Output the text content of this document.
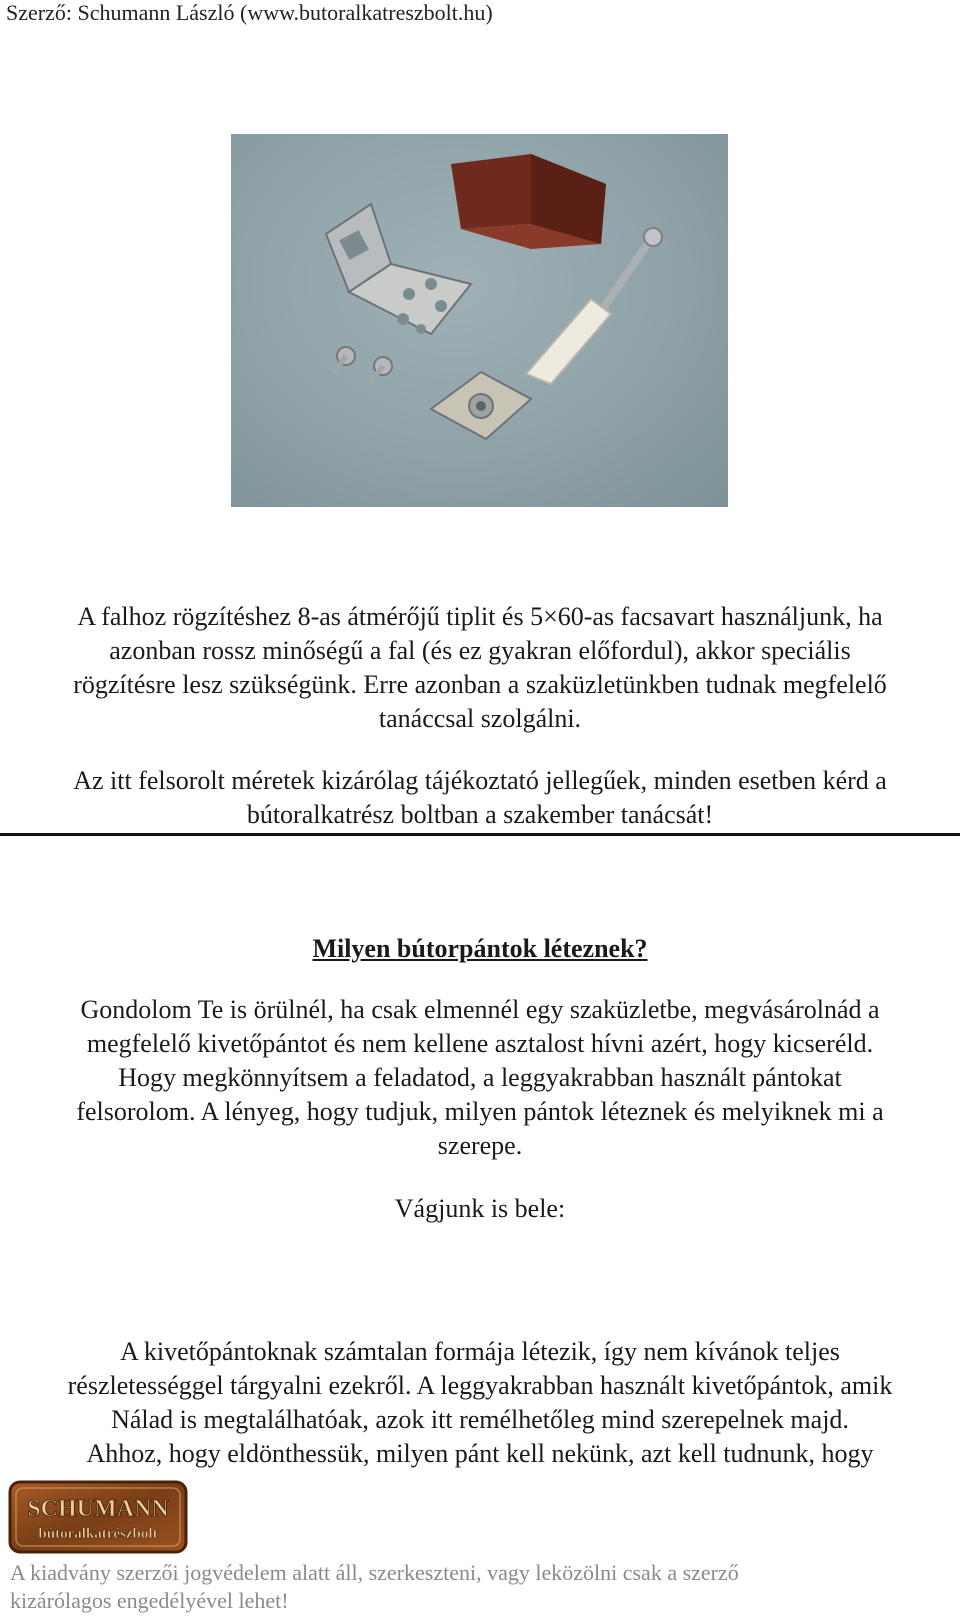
Szerző: Schumann László (www.butoralkatreszbolt.hu)
A falhoz rögzítéshez 8-as átmérőjű tiplit és 5×60-as facsavart használjunk, ha
azonban rossz minőségű a fal (és ez gyakran előfordul), akkor speciális
rögzítésre lesz szükségünk. Erre azonban a szaküzletünkben tudnak megfelelő
tanáccsal szolgálni.
Az itt felsorolt méretek kizárólag tájékoztató jellegűek, minden esetben kérd a
bútoralkatrész boltban a szakember tanácsát!
Milyen bútorpántok léteznek?
Gondolom Te is örülnél, ha csak elmennél egy szaküzletbe, megvásárolnád a
megfelelő kivetőpántot és nem kellene asztalost hívni azért, hogy kicseréld.
Hogy megkönnyítsem a feladatod, a leggyakrabban használt pántokat
felsorolom. A lényeg, hogy tudjuk, milyen pántok léteznek és melyiknek mi a
szerepe.
Vágjunk is bele:
A kivetőpántoknak számtalan formája létezik, így nem kívánok teljes
részletességgel tárgyalni ezekről. A leggyakrabban használt kivetőpántok, amik
Nálad is megtalálhatóak, azok itt remélhetőleg mind szerepelnek majd.
Ahhoz, hogy eldönthessük, milyen pánt kell nekünk, azt kell tudnunk, hogy
SCHUMANN
bútoralkatrészbolt
A kiadvány szerzői jogvédelem alatt áll, szerkeszteni, vagy leközölni csak a szerző
kizárólagos engedélyével lehet!
